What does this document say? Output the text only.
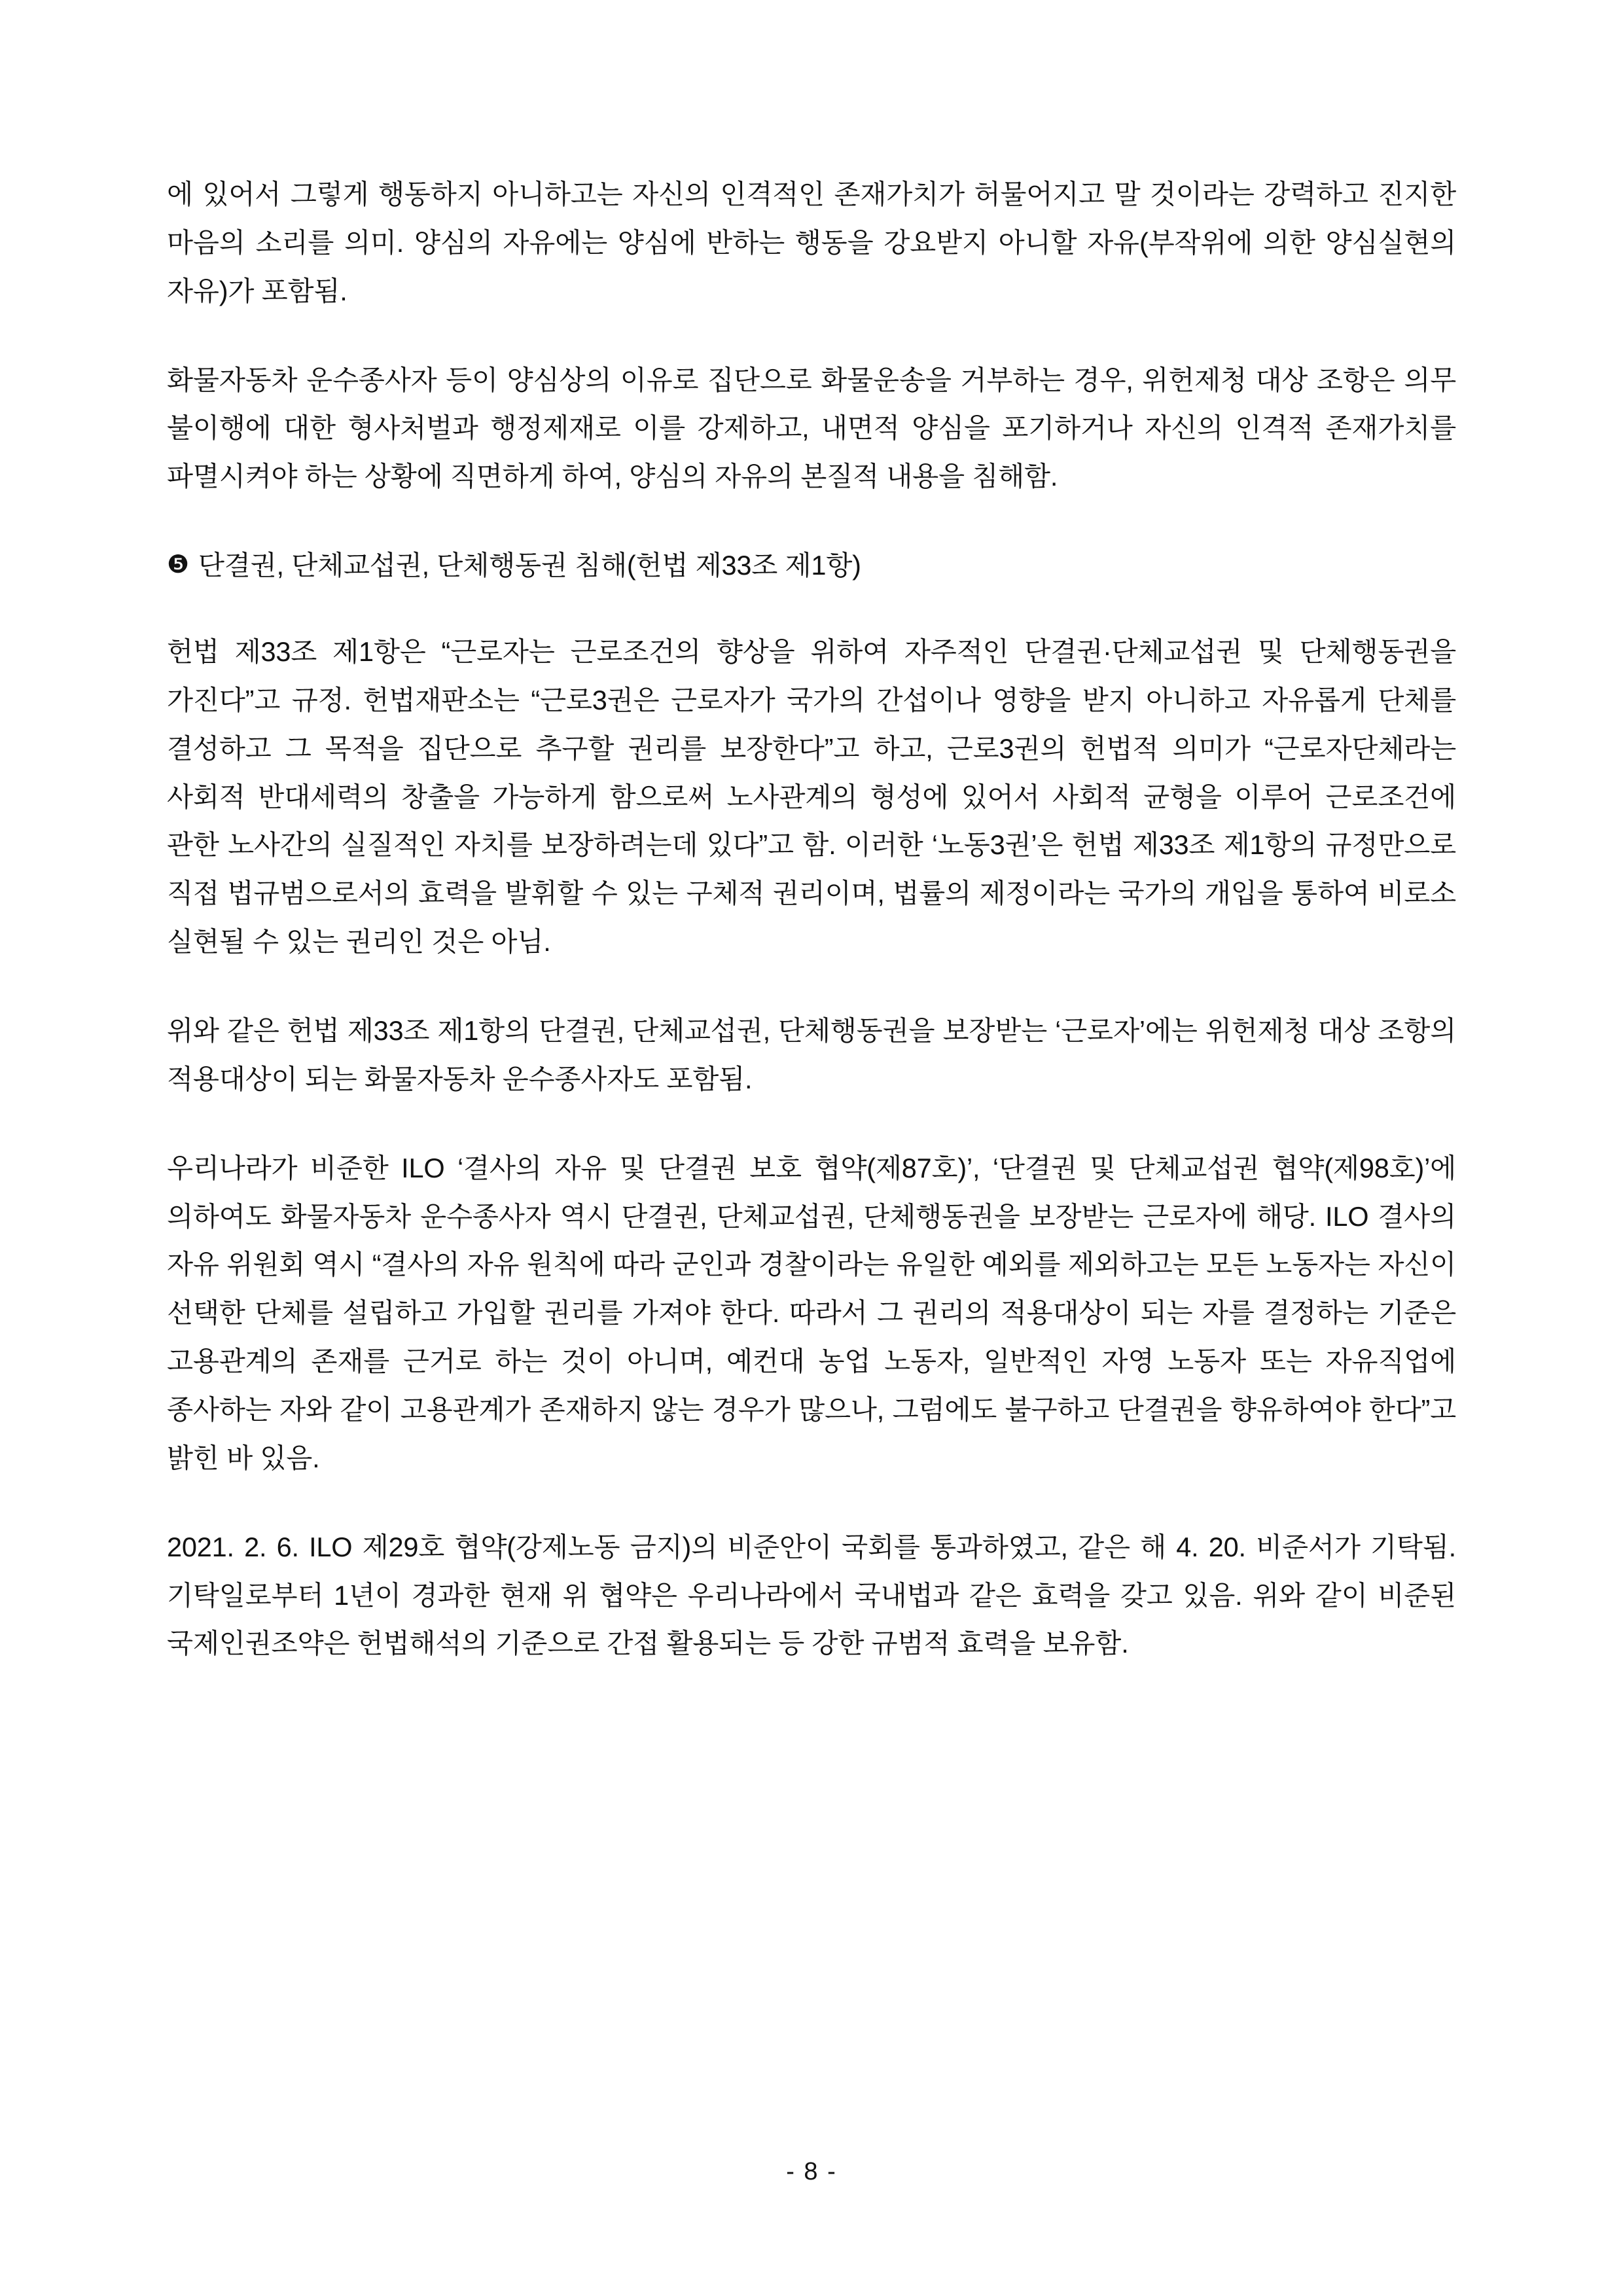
에 있어서 그렇게 행동하지 아니하고는 자신의 인격적인 존재가치가 허물어지고 말 것이라는 강력하고 진지한 마음의 소리를 의미. 양심의 자유에는 양심에 반하는 행동을 강요받지 아니할 자유(부작위에 의한 양심실현의 자유)가 포함됨.

화물자동차 운수종사자 등이 양심상의 이유로 집단으로 화물운송을 거부하는 경우, 위헌제청 대상 조항은 의무 불이행에 대한 형사처벌과 행정제재로 이를 강제하고, 내면적 양심을 포기하거나 자신의 인격적 존재가치를 파멸시켜야 하는 상황에 직면하게 하여, 양심의 자유의 본질적 내용을 침해함.

❺ 단결권, 단체교섭권, 단체행동권 침해(헌법 제33조 제1항)

헌법 제33조 제1항은 “근로자는 근로조건의 향상을 위하여 자주적인 단결권·단체교섭권 및 단체행동권을 가진다”고 규정. 헌법재판소는 “근로3권은 근로자가 국가의 간섭이나 영향을 받지 아니하고 자유롭게 단체를 결성하고 그 목적을 집단으로 추구할 권리를 보장한다”고 하고, 근로3권의 헌법적 의미가 “근로자단체라는 사회적 반대세력의 창출을 가능하게 함으로써 노사관계의 형성에 있어서 사회적 균형을 이루어 근로조건에 관한 노사간의 실질적인 자치를 보장하려는데 있다”고 함. 이러한 ‘노동3권’은 헌법 제33조 제1항의 규정만으로 직접 법규범으로서의 효력을 발휘할 수 있는 구체적 권리이며, 법률의 제정이라는 국가의 개입을 통하여 비로소 실현될 수 있는 권리인 것은 아님.

위와 같은 헌법 제33조 제1항의 단결권, 단체교섭권, 단체행동권을 보장받는 ‘근로자’에는 위헌제청 대상 조항의 적용대상이 되는 화물자동차 운수종사자도 포함됨.

우리나라가 비준한 ILO ‘결사의 자유 및 단결권 보호 협약(제87호)’, ‘단결권 및 단체교섭권 협약(제98호)’에 의하여도 화물자동차 운수종사자 역시 단결권, 단체교섭권, 단체행동권을 보장받는 근로자에 해당. ILO 결사의 자유 위원회 역시 “결사의 자유 원칙에 따라 군인과 경찰이라는 유일한 예외를 제외하고는 모든 노동자는 자신이 선택한 단체를 설립하고 가입할 권리를 가져야 한다. 따라서 그 권리의 적용대상이 되는 자를 결정하는 기준은 고용관계의 존재를 근거로 하는 것이 아니며, 예컨대 농업 노동자, 일반적인 자영 노동자 또는 자유직업에 종사하는 자와 같이 고용관계가 존재하지 않는 경우가 많으나, 그럼에도 불구하고 단결권을 향유하여야 한다”고 밝힌 바 있음.

2021. 2. 6. ILO 제29호 협약(강제노동 금지)의 비준안이 국회를 통과하였고, 같은 해 4. 20. 비준서가 기탁됨. 기탁일로부터 1년이 경과한 현재 위 협약은 우리나라에서 국내법과 같은 효력을 갖고 있음. 위와 같이 비준된 국제인권조약은 헌법해석의 기준으로 간접 활용되는 등 강한 규범적 효력을 보유함.

- 8 -
